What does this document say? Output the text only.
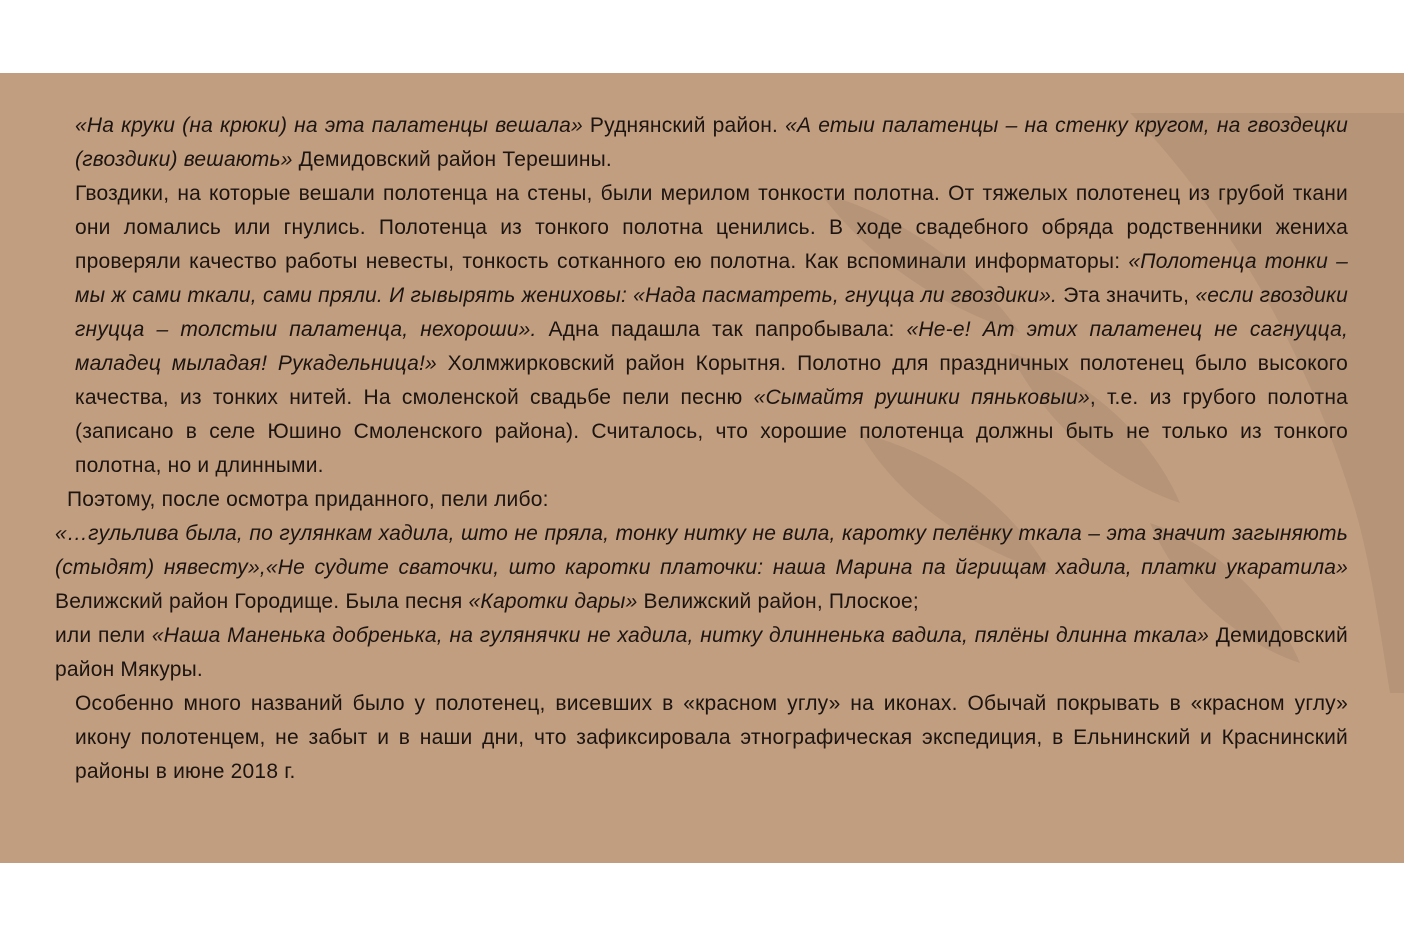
«На круки (на крюки) на эта палатенцы вешала» Руднянский район. «А етыи палатенцы – на стенку кругом, на гвоздецки (гвоздики) вешають» Демидовский район Терешины.

Гвоздики, на которые вешали полотенца на стены, были мерилом тонкости полотна. От тяжелых полотенец из грубой ткани они ломались или гнулись. Полотенца из тонкого полотна ценились. В ходе свадебного обряда родственники жениха проверяли качество работы невесты, тонкость сотканного ею полотна. Как вспоминали информаторы: «Полотенца тонки – мы ж сами ткали, сами пряли. И гывырять жениховы: «Нада пасматреть, гнуцца ли гвоздики». Эта значить, «если гвоздики гнуцца – толстыи палатенца, нехороши». Адна падашла так папробывала: «Не-е! Ат этих палатенец не сагнуцца, маладец мыладая! Рукадельница!» Холмжирковский район Корытня. Полотно для праздничных полотенец было высокого качества, из тонких нитей. На смоленской свадьбе пели песню «Сымайтя рушники пяньковыи», т.е. из грубого полотна (записано в селе Юшино Смоленского района). Считалось, что хорошие полотенца должны быть не только из тонкого полотна, но и длинными.

Поэтому, после осмотра приданного, пели либо:

«…гульлива была, по гулянкам хадила, што не пряла, тонку нитку не вила, каротку пелёнку ткала – эта значит загыняють (стыдят) нявесту»,«Не судите сваточки, што каротки платочки: наша Марина па йгрищам хадила, платки укаратила» Велижский район Городище. Была песня «Каротки дары» Велижский район, Плоское;

или пели «Наша Маненька добренька, на гулянячки не хадила, нитку длинненька вадила, пялёны длинна ткала» Демидовский район Мякуры.

Особенно много названий было у полотенец, висевших в «красном углу» на иконах. Обычай покрывать в «красном углу» икону полотенцем, не забыт и в наши дни, что зафиксировала этнографическая экспедиция, в Ельнинский и Краснинский районы в июне 2018 г.
